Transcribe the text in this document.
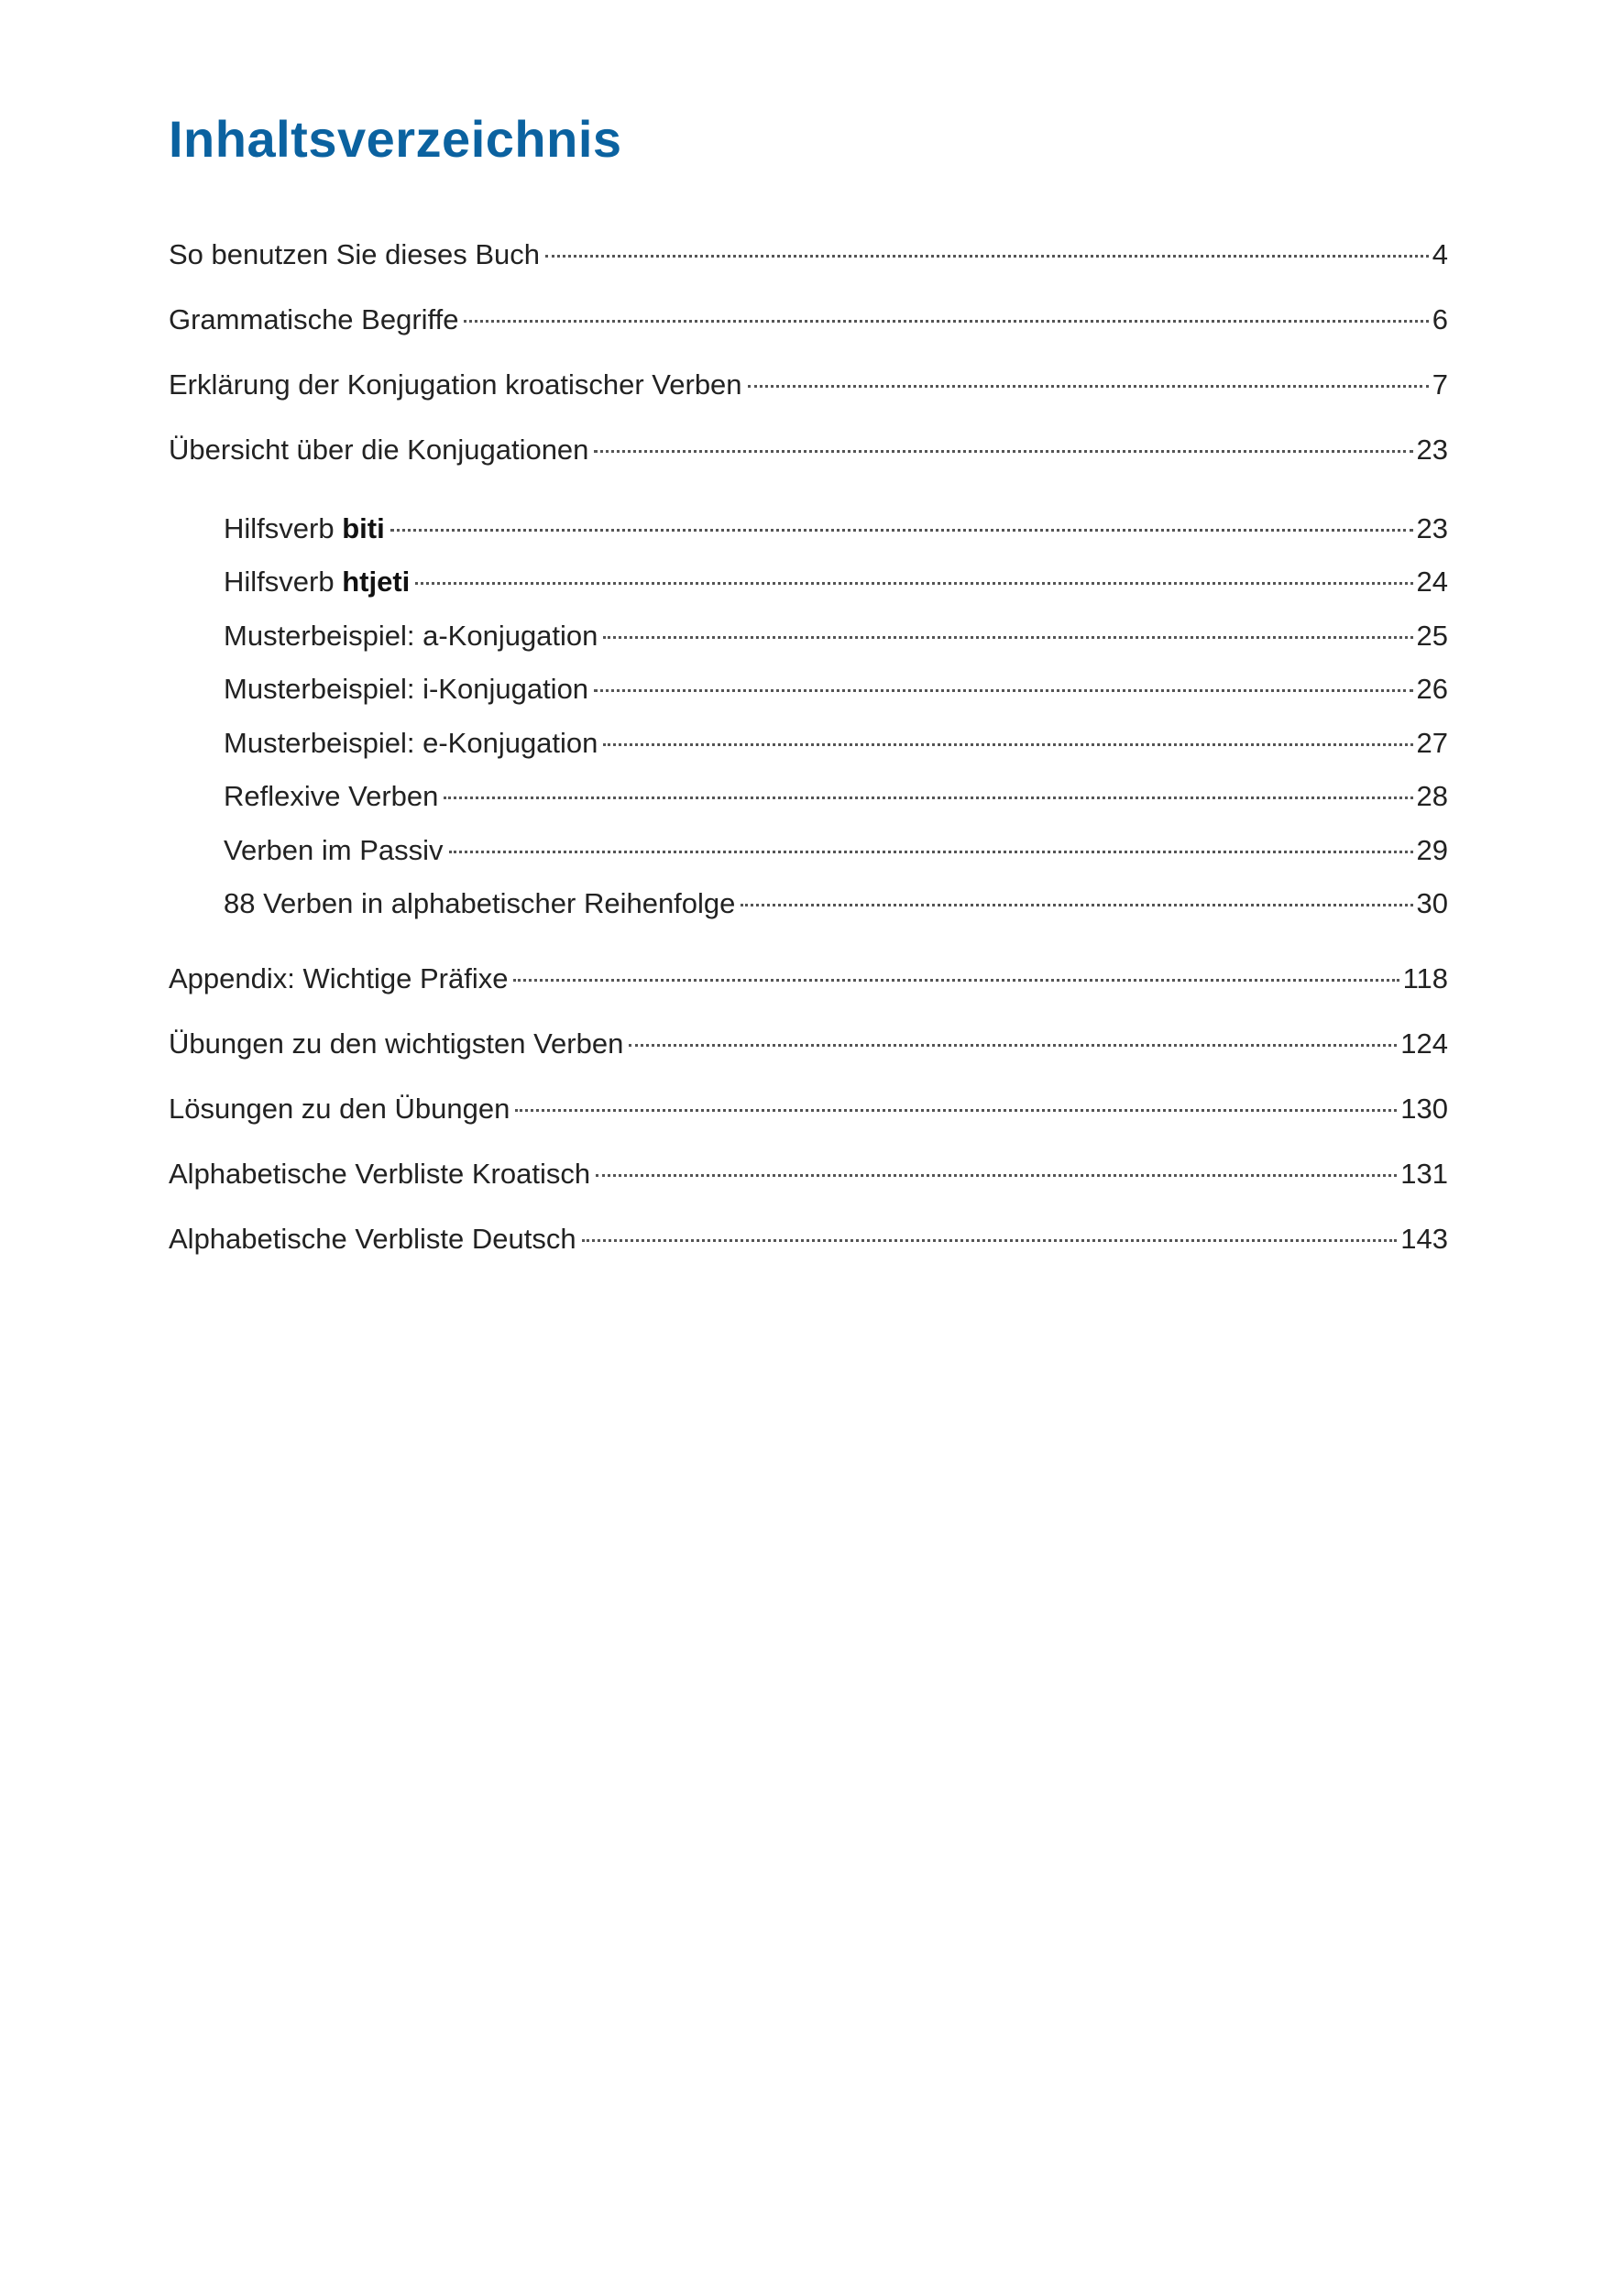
Inhaltsverzeichnis
So benutzen Sie dieses Buch	4
Grammatische Begriffe	6
Erklärung der Konjugation kroatischer Verben	7
Übersicht über die Konjugationen	23
Hilfsverb biti	23
Hilfsverb htjeti	24
Musterbeispiel: a-Konjugation	25
Musterbeispiel: i-Konjugation	26
Musterbeispiel: e-Konjugation	27
Reflexive Verben	28
Verben im Passiv	29
88 Verben in alphabetischer Reihenfolge	30
Appendix: Wichtige Präfixe	118
Übungen zu den wichtigsten Verben	124
Lösungen zu den Übungen	130
Alphabetische Verbliste Kroatisch	131
Alphabetische Verbliste Deutsch	143
